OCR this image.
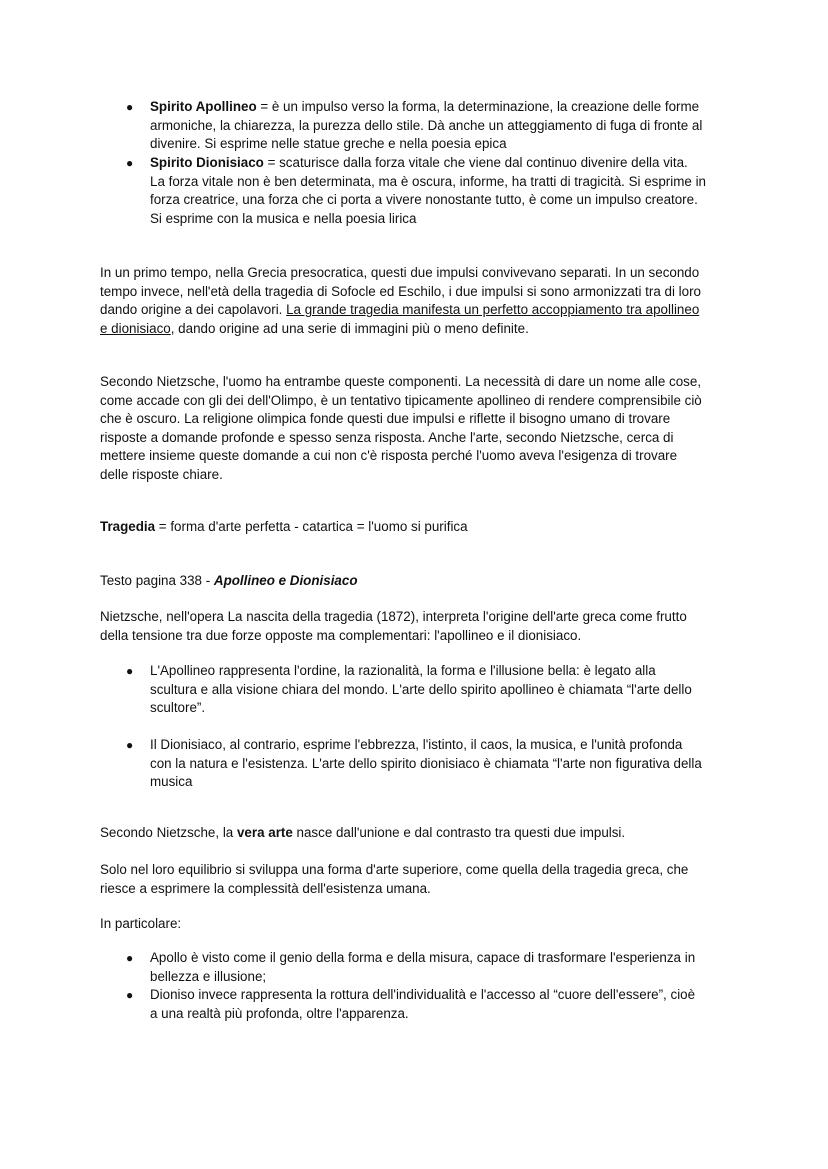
● Spirito Apollineo = è un impulso verso la forma, la determinazione, la creazione delle forme
armoniche, la chiarezza, la purezza dello stile. Dà anche un atteggiamento di fuga di fronte al
divenire. Si esprime nelle statue greche e nella poesia epica
● Spirito Dionisiaco = scaturisce dalla forza vitale che viene dal continuo divenire della vita.
La forza vitale non è ben determinata, ma è oscura, informe, ha tratti di tragicità. Si esprime in
forza creatrice, una forza che ci porta a vivere nonostante tutto, è come un impulso creatore.
Si esprime con la musica e nella poesia lirica
In un primo tempo, nella Grecia presocratica, questi due impulsi convivevano separati. In un secondo
tempo invece, nell'età della tragedia di Sofocle ed Eschilo, i due impulsi si sono armonizzati tra di loro
dando origine a dei capolavori. La grande tragedia manifesta un perfetto accoppiamento tra apollineo
e dionisiaco, dando origine ad una serie di immagini più o meno definite.
Secondo Nietzsche, l'uomo ha entrambe queste componenti. La necessità di dare un nome alle cose,
come accade con gli dei dell'Olimpo, è un tentativo tipicamente apollineo di rendere comprensibile ciò
che è oscuro. La religione olimpica fonde questi due impulsi e riflette il bisogno umano di trovare
risposte a domande profonde e spesso senza risposta. Anche l'arte, secondo Nietzsche, cerca di
mettere insieme queste domande a cui non c'è risposta perché l'uomo aveva l'esigenza di trovare
delle risposte chiare.
Tragedia = forma d'arte perfetta - catartica = l'uomo si purifica
Testo pagina 338 - Apollineo e Dionisiaco
Nietzsche, nell'opera La nascita della tragedia (1872), interpreta l'origine dell'arte greca come frutto
della tensione tra due forze opposte ma complementari: l'apollineo e il dionisiaco.
● L'Apollineo rappresenta l'ordine, la razionalità, la forma e l'illusione bella: è legato alla
scultura e alla visione chiara del mondo. L'arte dello spirito apollineo è chiamata “l'arte dello
scultore”.
● Il Dionisiaco, al contrario, esprime l'ebbrezza, l'istinto, il caos, la musica, e l'unità profonda
con la natura e l'esistenza. L'arte dello spirito dionisiaco è chiamata “l'arte non figurativa della
musica
Secondo Nietzsche, la vera arte nasce dall'unione e dal contrasto tra questi due impulsi.
Solo nel loro equilibrio si sviluppa una forma d'arte superiore, come quella della tragedia greca, che
riesce a esprimere la complessità dell'esistenza umana.
In particolare:
● Apollo è visto come il genio della forma e della misura, capace di trasformare l'esperienza in
bellezza e illusione;
● Dioniso invece rappresenta la rottura dell'individualità e l'accesso al “cuore dell'essere”, cioè
a una realtà più profonda, oltre l'apparenza.
